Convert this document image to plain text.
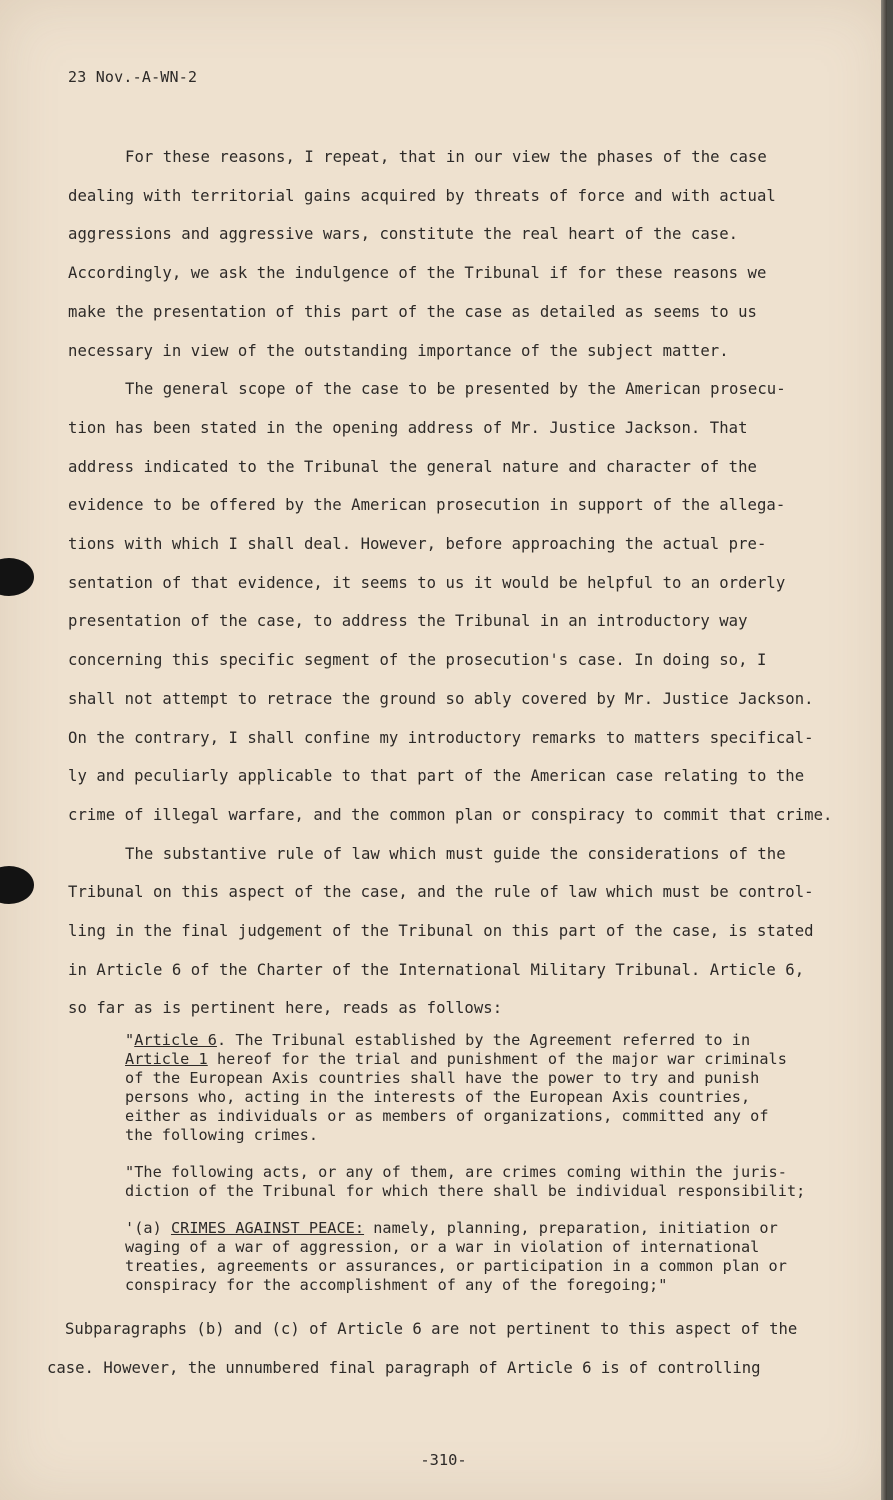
23 Nov.-A-WN-2

For these reasons, I repeat, that in our view the phases of the case
dealing with territorial gains acquired by threats of force and with actual
aggressions and aggressive wars, constitute the real heart of the case.
Accordingly, we ask the indulgence of the Tribunal if for these reasons we
make the presentation of this part of the case as detailed as seems to us
necessary in view of the outstanding importance of the subject matter.

The general scope of the case to be presented by the American prosecu-
tion has been stated in the opening address of Mr. Justice Jackson. That
address indicated to the Tribunal the general nature and character of the
evidence to be offered by the American prosecution in support of the allega-
tions with which I shall deal. However, before approaching the actual pre-
sentation of that evidence, it seems to us it would be helpful to an orderly
presentation of the case, to address the Tribunal in an introductory way
concerning this specific segment of the prosecution's case. In doing so, I
shall not attempt to retrace the ground so ably covered by Mr. Justice Jackson.
On the contrary, I shall confine my introductory remarks to matters specifical-
ly and peculiarly applicable to that part of the American case relating to the
crime of illegal warfare, and the common plan or conspiracy to commit that crime.

The substantive rule of law which must guide the considerations of the
Tribunal on this aspect of the case, and the rule of law which must be control-
ling in the final judgement of the Tribunal on this part of the case, is stated
in Article 6 of the Charter of the International Military Tribunal. Article 6,
so far as is pertinent here, reads as follows:

"Article 6. The Tribunal established by the Agreement referred to in
Article 1 hereof for the trial and punishment of the major war criminals
of the European Axis countries shall have the power to try and punish
persons who, acting in the interests of the European Axis countries,
either as individuals or as members of organizations, committed any of
the following crimes.

"The following acts, or any of them, are crimes coming within the juris-
diction of the Tribunal for which there shall be individual responsibilit;

'(a) CRIMES AGAINST PEACE: namely, planning, preparation, initiation or
waging of a war of aggression, or a war in violation of international
treaties, agreements or assurances, or participation in a common plan or
conspiracy for the accomplishment of any of the foregoing;"

Subparagraphs (b) and (c) of Article 6 are not pertinent to this aspect of the
case. However, the unnumbered final paragraph of Article 6 is of controlling

-310-
